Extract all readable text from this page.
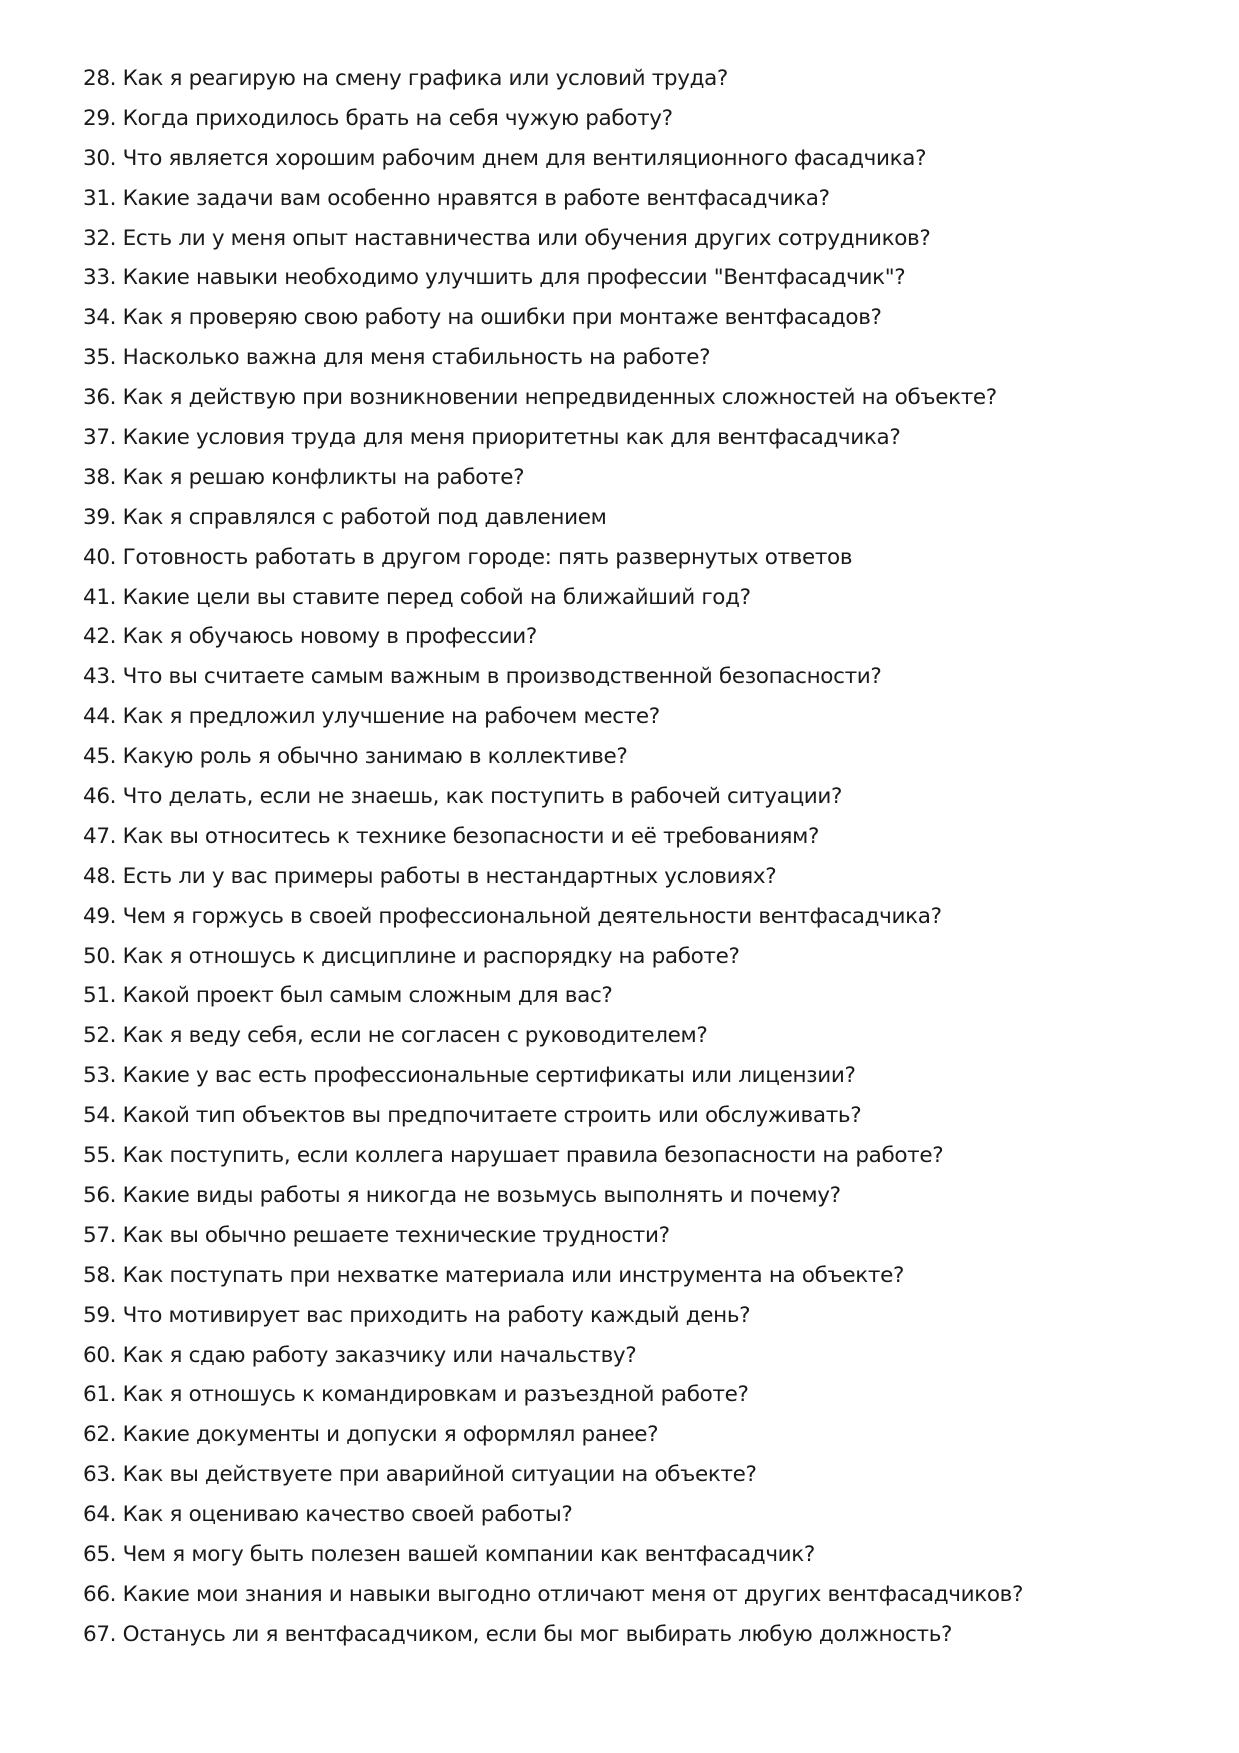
28 . Как я реагирую на смену графика или условий труда?
29 . Когда приходилось брать на себя чужую работу?
30 . Что является хорошим рабочим днем для вентиляционного фасадчика?
31 . Какие задачи вам особенно нравятся в работе вентфасадчика?
32 . Есть ли у меня опыт наставничества или обучения других сотрудников?
33 . Какие навыки необходимо улучшить для профессии "Вентфасадчик"?
34 . Как я проверяю свою работу на ошибки при монтаже вентфасадов?
35 . Насколько важна для меня стабильность на работе?
36 . Как я действую при возникновении непредвиденных сложностей на объекте?
37 . Какие условия труда для меня приоритетны как для вентфасадчика?
38 . Как я решаю конфликты на работе?
39 . Как я справлялся с работой под давлением
40 . Готовность работать в другом городе: пять развернутых ответов
41 . Какие цели вы ставите перед собой на ближайший год?
42 . Как я обучаюсь новому в профессии?
43 . Что вы считаете самым важным в производственной безопасности?
44 . Как я предложил улучшение на рабочем месте?
45 . Какую роль я обычно занимаю в коллективе?
46 . Что делать, если не знаешь, как поступить в рабочей ситуации?
47 . Как вы относитесь к технике безопасности и её требованиям?
48 . Есть ли у вас примеры работы в нестандартных условиях?
49 . Чем я горжусь в своей профессиональной деятельности вентфасадчика?
50 . Как я отношусь к дисциплине и распорядку на работе?
51 . Какой проект был самым сложным для вас?
52 . Как я веду себя, если не согласен с руководителем?
53 . Какие у вас есть профессиональные сертификаты или лицензии?
54 . Какой тип объектов вы предпочитаете строить или обслуживать?
55 . Как поступить, если коллега нарушает правила безопасности на работе?
56 . Какие виды работы я никогда не возьмусь выполнять и почему?
57 . Как вы обычно решаете технические трудности?
58 . Как поступать при нехватке материала или инструмента на объекте?
59 . Что мотивирует вас приходить на работу каждый день?
60 . Как я сдаю работу заказчику или начальству?
61 . Как я отношусь к командировкам и разъездной работе?
62 . Какие документы и допуски я оформлял ранее?
63 . Как вы действуете при аварийной ситуации на объекте?
64 . Как я оцениваю качество своей работы?
65 . Чем я могу быть полезен вашей компании как вентфасадчик?
66 . Какие мои знания и навыки выгодно отличают меня от других вентфасадчиков?
67 . Останусь ли я вентфасадчиком, если бы мог выбирать любую должность?
